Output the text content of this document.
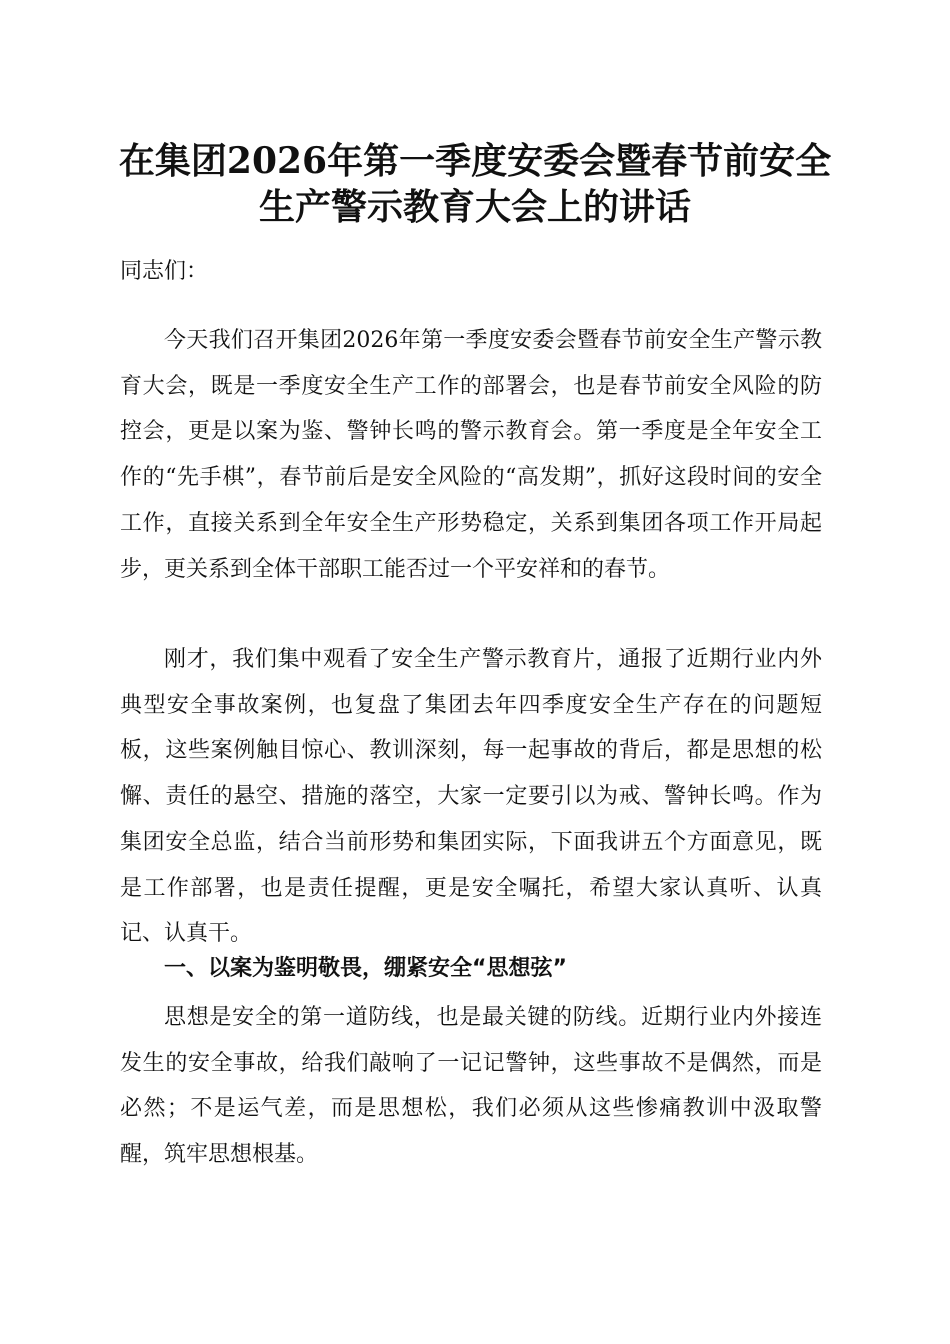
在集团2026年第一季度安委会暨春节前安全
生产警示教育大会上的讲话

同志们：

今天我们召开集团2026年第一季度安委会暨春节前安全生产警示教育大会，既是一季度安全生产工作的部署会，也是春节前安全风险的防控会，更是以案为鉴、警钟长鸣的警示教育会。第一季度是全年安全工作的“先手棋”，春节前后是安全风险的“高发期”，抓好这段时间的安全工作，直接关系到全年安全生产形势稳定，关系到集团各项工作开局起步，更关系到全体干部职工能否过一个平安祥和的春节。

刚才，我们集中观看了安全生产警示教育片，通报了近期行业内外典型安全事故案例，也复盘了集团去年四季度安全生产存在的问题短板，这些案例触目惊心、教训深刻，每一起事故的背后，都是思想的松懈、责任的悬空、措施的落空，大家一定要引以为戒、警钟长鸣。作为集团安全总监，结合当前形势和集团实际，下面我讲五个方面意见，既是工作部署，也是责任提醒，更是安全嘱托，希望大家认真听、认真记、认真干。

一、以案为鉴明敬畏，绷紧安全“思想弦”

思想是安全的第一道防线，也是最关键的防线。近期行业内外接连发生的安全事故，给我们敲响了一记记警钟，这些事故不是偶然，而是必然；不是运气差，而是思想松，我们必须从这些惨痛教训中汲取警醒，筑牢思想根基。
